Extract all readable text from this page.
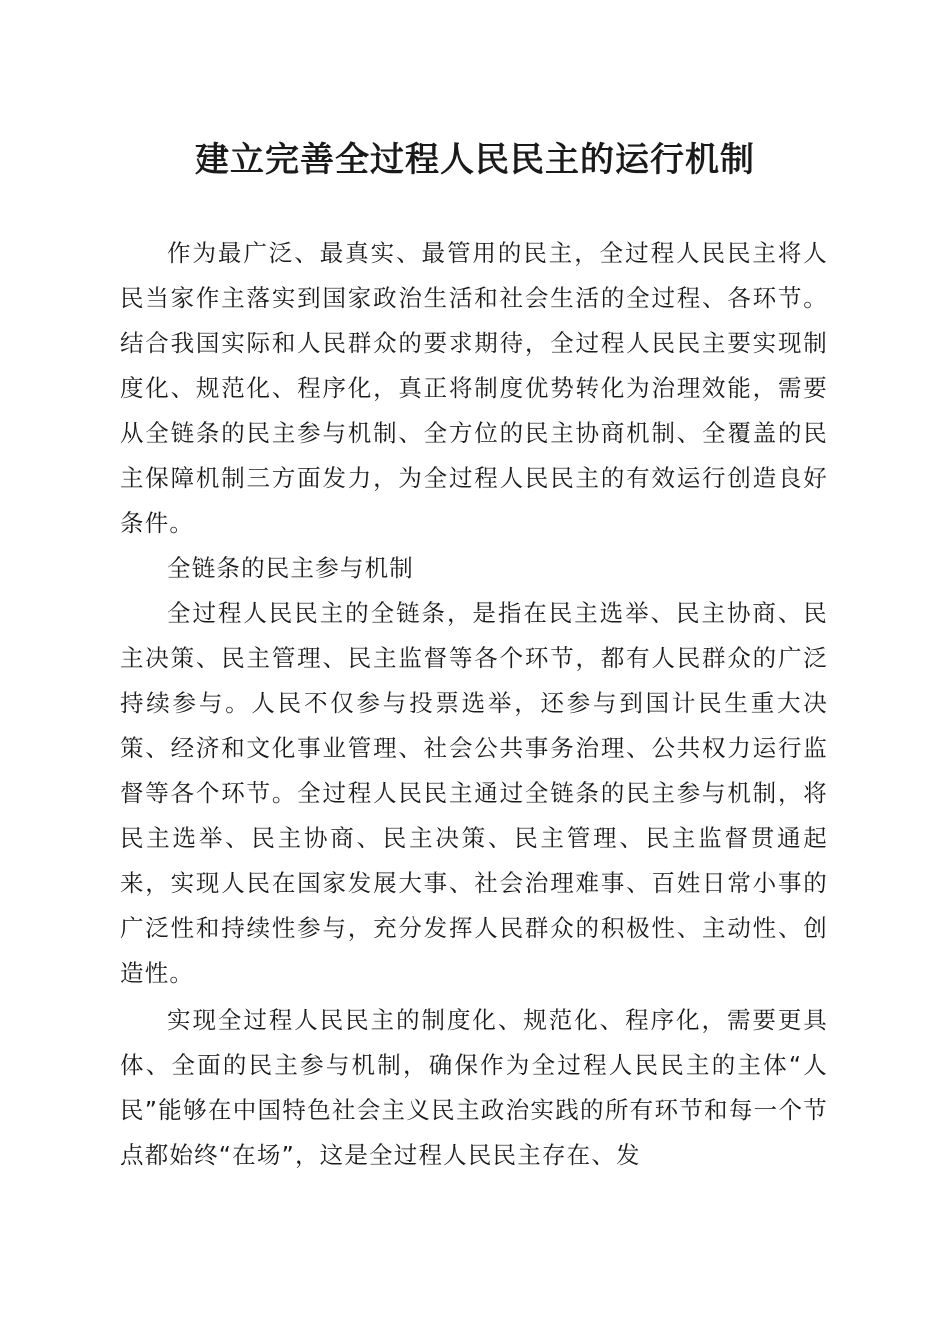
建立完善全过程人民民主的运行机制

作为最广泛、最真实、最管用的民主，全过程人民民主将人民当家作主落实到国家政治生活和社会生活的全过程、各环节。结合我国实际和人民群众的要求期待，全过程人民民主要实现制度化、规范化、程序化，真正将制度优势转化为治理效能，需要从全链条的民主参与机制、全方位的民主协商机制、全覆盖的民主保障机制三方面发力，为全过程人民民主的有效运行创造良好条件。

全链条的民主参与机制

全过程人民民主的全链条，是指在民主选举、民主协商、民主决策、民主管理、民主监督等各个环节，都有人民群众的广泛持续参与。人民不仅参与投票选举，还参与到国计民生重大决策、经济和文化事业管理、社会公共事务治理、公共权力运行监督等各个环节。全过程人民民主通过全链条的民主参与机制，将民主选举、民主协商、民主决策、民主管理、民主监督贯通起来，实现人民在国家发展大事、社会治理难事、百姓日常小事的广泛性和持续性参与，充分发挥人民群众的积极性、主动性、创造性。

实现全过程人民民主的制度化、规范化、程序化，需要更具体、全面的民主参与机制，确保作为全过程人民民主的主体“人民”能够在中国特色社会主义民主政治实践的所有环节和每一个节点都始终“在场”，这是全过程人民民主存在、发
